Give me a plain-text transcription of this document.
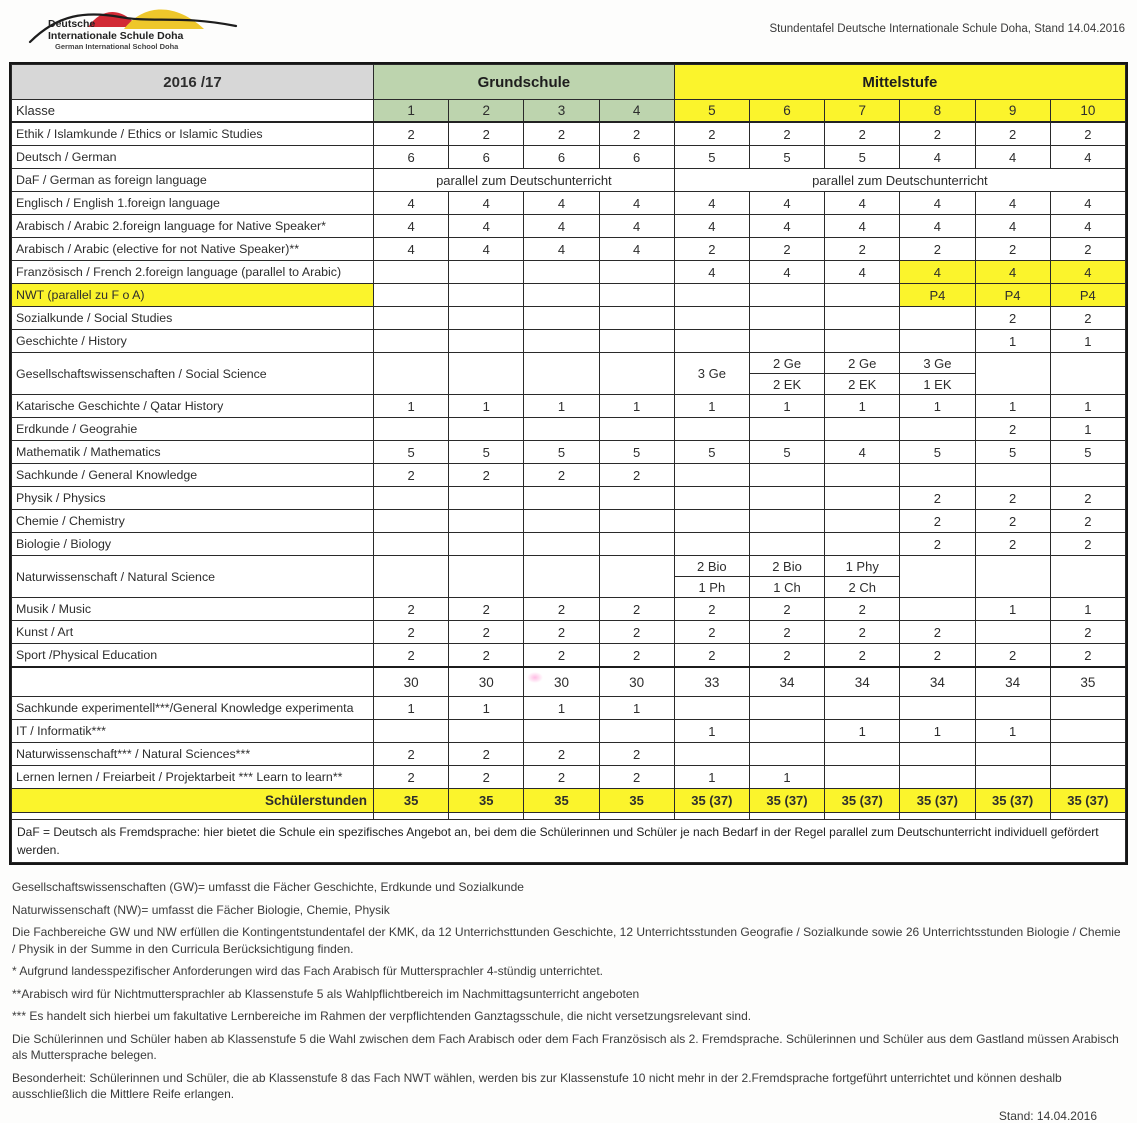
Deutsche
Internationale Schule Doha
German International School Doha
Stundentafel Deutsche Internationale Schule Doha, Stand 14.04.2016
2016 /17	Grundschule				Mittelstufe					
Klasse	1	2	3	4	5	6	7	8	9	10
Ethik / Islamkunde / Ethics or Islamic Studies	2	2	2	2	2	2	2	2	2	2
Deutsch / German	6	6	6	6	5	5	5	4	4	4
DaF / German as foreign language	parallel zum Deutschunterricht				parallel zum Deutschunterricht					
Englisch / English 1.foreign language	4	4	4	4	4	4	4	4	4	4
Arabisch / Arabic 2.foreign language for Native Speaker*	4	4	4	4	4	4	4	4	4	4
Arabisch / Arabic (elective for not Native Speaker)**	4	4	4	4	2	2	2	2	2	2
Französisch / French 2.foreign language (parallel to Arabic)					4	4	4	4	4	4
NWT (parallel zu F o A)								P4	P4	P4
Sozialkunde / Social Studies									2	2
Geschichte / History									1	1
Gesellschaftswissenschaften / Social Science					3 Ge	2 Ge	2 Ge	3 Ge		
						2 EK	2 EK	1 EK		
Katarische Geschichte / Qatar History	1	1	1	1	1	1	1	1	1	1
Erdkunde / Geograhie									2	1
Mathematik / Mathematics	5	5	5	5	5	5	4	5	5	5
Sachkunde / General Knowledge	2	2	2	2						
Physik / Physics								2	2	2
Chemie / Chemistry								2	2	2
Biologie / Biology								2	2	2
Naturwissenschaft / Natural Science					2 Bio	2 Bio	1 Phy			
					1 Ph	1 Ch	2 Ch			
Musik / Music	2	2	2	2	2	2	2		1	1
Kunst / Art	2	2	2	2	2	2	2	2		2
Sport /Physical Education	2	2	2	2	2	2	2	2	2	2
	30	30	30	30	33	34	34	34	34	35
Sachkunde experimentell***/General Knowledge experimenta	1	1	1	1						
IT / Informatik***					1		1	1	1	
Naturwissenschaft*** / Natural Sciences***	2	2	2	2						
Lernen lernen / Freiarbeit / Projektarbeit *** Learn to learn**	2	2	2	2	1	1				
Schülerstunden	35	35	35	35	35 (37)	35 (37)	35 (37)	35 (37)	35 (37)	35 (37)

DaF = Deutsch als Fremdsprache: hier bietet die Schule ein spezifisches Angebot an, bei dem die Schülerinnen und Schüler je nach Bedarf in der Regel parallel zum Deutschunterricht individuell gefördert werden.										

Gesellschaftswissenschaften (GW)= umfasst die Fächer Geschichte, Erdkunde und Sozialkunde

Naturwissenschaft (NW)= umfasst die Fächer Biologie, Chemie, Physik

Die Fachbereiche GW und NW erfüllen die Kontingentstundentafel der KMK, da 12 Unterrichsttunden Geschichte, 12 Unterrichtsstunden Geografie / Sozialkunde sowie 26 Unterrichtsstunden Biologie / Chemie / Physik in der Summe in den Curricula Berücksichtigung finden.

* Aufgrund landesspezifischer Anforderungen wird das Fach Arabisch für Muttersprachler 4-stündig unterrichtet.

**Arabisch wird für Nichtmuttersprachler ab Klassenstufe 5 als Wahlpflichtbereich im Nachmittagsunterricht angeboten

*** Es handelt sich hierbei um fakultative Lernbereiche im Rahmen der verpflichtenden Ganztagsschule, die nicht versetzungsrelevant sind.

Die Schülerinnen und Schüler haben ab Klassenstufe 5 die Wahl zwischen dem Fach Arabisch oder dem Fach Französisch als 2. Fremdsprache. Schülerinnen und Schüler aus dem Gastland müssen Arabisch als Muttersprache belegen.

Besonderheit: Schülerinnen und Schüler, die ab Klassenstufe 8 das Fach NWT wählen, werden bis zur Klassenstufe 10 nicht mehr in der 2.Fremdsprache fortgeführt unterrichtet und können deshalb ausschließlich die Mittlere Reife erlangen.

Stand: 14.04.2016
